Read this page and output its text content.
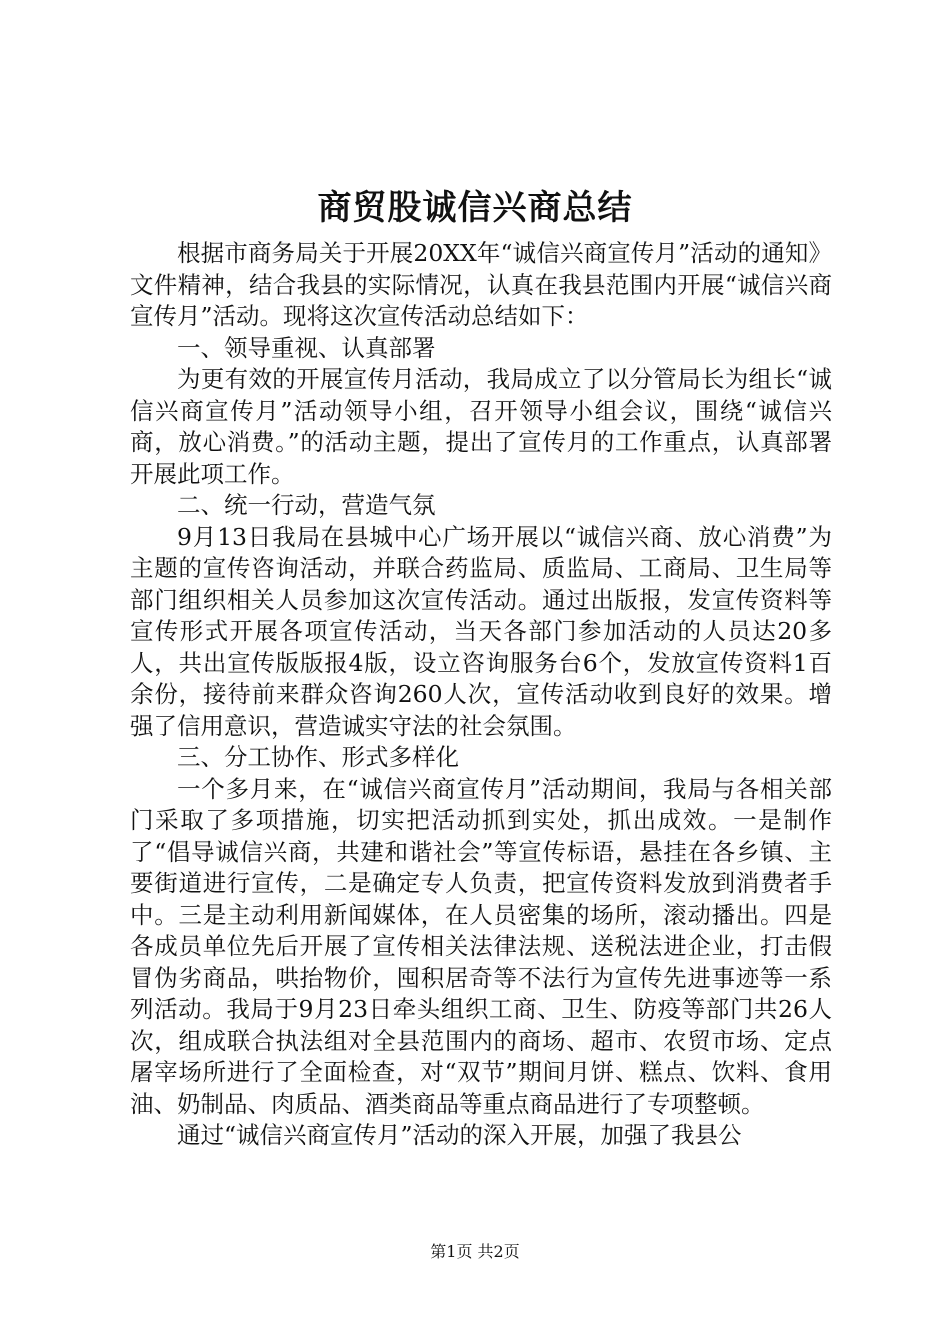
商贸股诚信兴商总结

根据市商务局关于开展20XX年“诚信兴商宣传月”活动的通知》文件精神，结合我县的实际情况，认真在我县范围内开展“诚信兴商宣传月”活动。现将这次宣传活动总结如下：

一、领导重视、认真部署

为更有效的开展宣传月活动，我局成立了以分管局长为组长“诚信兴商宣传月”活动领导小组，召开领导小组会议，围绕“诚信兴商，放心消费。”的活动主题，提出了宣传月的工作重点，认真部署开展此项工作。

二、统一行动，营造气氛

9月13日我局在县城中心广场开展以“诚信兴商、放心消费”为主题的宣传咨询活动，并联合药监局、质监局、工商局、卫生局等部门组织相关人员参加这次宣传活动。通过出版报，发宣传资料等宣传形式开展各项宣传活动，当天各部门参加活动的人员达20多人，共出宣传版版报4版，设立咨询服务台6个，发放宣传资料1百余份，接待前来群众咨询260人次，宣传活动收到良好的效果。增强了信用意识，营造诚实守法的社会氛围。

三、分工协作、形式多样化

一个多月来，在“诚信兴商宣传月”活动期间，我局与各相关部门采取了多项措施，切实把活动抓到实处，抓出成效。一是制作了“倡导诚信兴商，共建和谐社会”等宣传标语，悬挂在各乡镇、主要街道进行宣传，二是确定专人负责，把宣传资料发放到消费者手中。三是主动利用新闻媒体，在人员密集的场所，滚动播出。四是各成员单位先后开展了宣传相关法律法规、送税法进企业，打击假冒伪劣商品，哄抬物价，囤积居奇等不法行为宣传先进事迹等一系列活动。我局于9月23日牵头组织工商、卫生、防疫等部门共26人次，组成联合执法组对全县范围内的商场、超市、农贸市场、定点屠宰场所进行了全面检查，对“双节”期间月饼、糕点、饮料、食用油、奶制品、肉质品、酒类商品等重点商品进行了专项整顿。

通过“诚信兴商宣传月”活动的深入开展，加强了我县公

第1页 共2页
